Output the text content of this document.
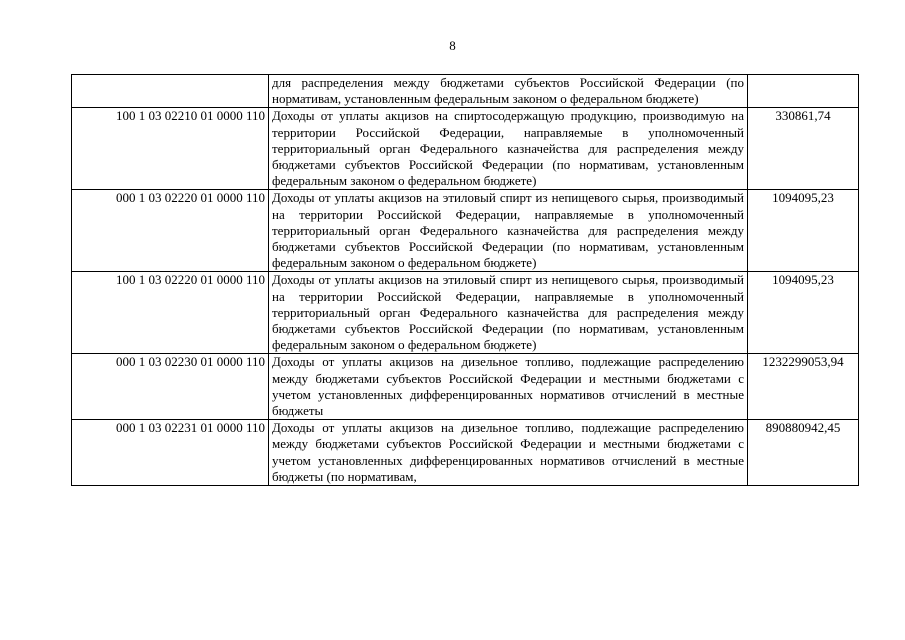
8
	для распределения между бюджетами субъектов Российской Федерации (по нормативам, установленным федеральным законом о федеральном бюджете)	
100 1 03 02210 01 0000 110	Доходы от уплаты акцизов на спиртосодержащую продукцию, производимую на территории Российской Федерации, направляемые в уполномоченный территориальный орган Федерального казначейства для распределения между бюджетами субъектов Российской Федерации (по нормативам, установленным федеральным законом о федеральном бюджете)	330861,74
000 1 03 02220 01 0000 110	Доходы от уплаты акцизов на этиловый спирт из непищевого сырья, производимый на территории Российской Федерации, направляемые в уполномоченный территориальный орган Федерального казначейства для распределения между бюджетами субъектов Российской Федерации (по нормативам, установленным федеральным законом о федеральном бюджете)	1094095,23
100 1 03 02220 01 0000 110	Доходы от уплаты акцизов на этиловый спирт из непищевого сырья, производимый на территории Российской Федерации, направляемые в уполномоченный территориальный орган Федерального казначейства для распределения между бюджетами субъектов Российской Федерации (по нормативам, установленным федеральным законом о федеральном бюджете)	1094095,23
000 1 03 02230 01 0000 110	Доходы от уплаты акцизов на дизельное топливо, подлежащие распределению между бюджетами субъектов Российской Федерации и местными бюджетами с учетом установленных дифференцированных нормативов отчислений в местные бюджеты	1232299053,94
000 1 03 02231 01 0000 110	Доходы от уплаты акцизов на дизельное топливо, подлежащие распределению между бюджетами субъектов Российской Федерации и местными бюджетами с учетом установленных дифференцированных нормативов отчислений в местные бюджеты (по нормативам,	890880942,45
